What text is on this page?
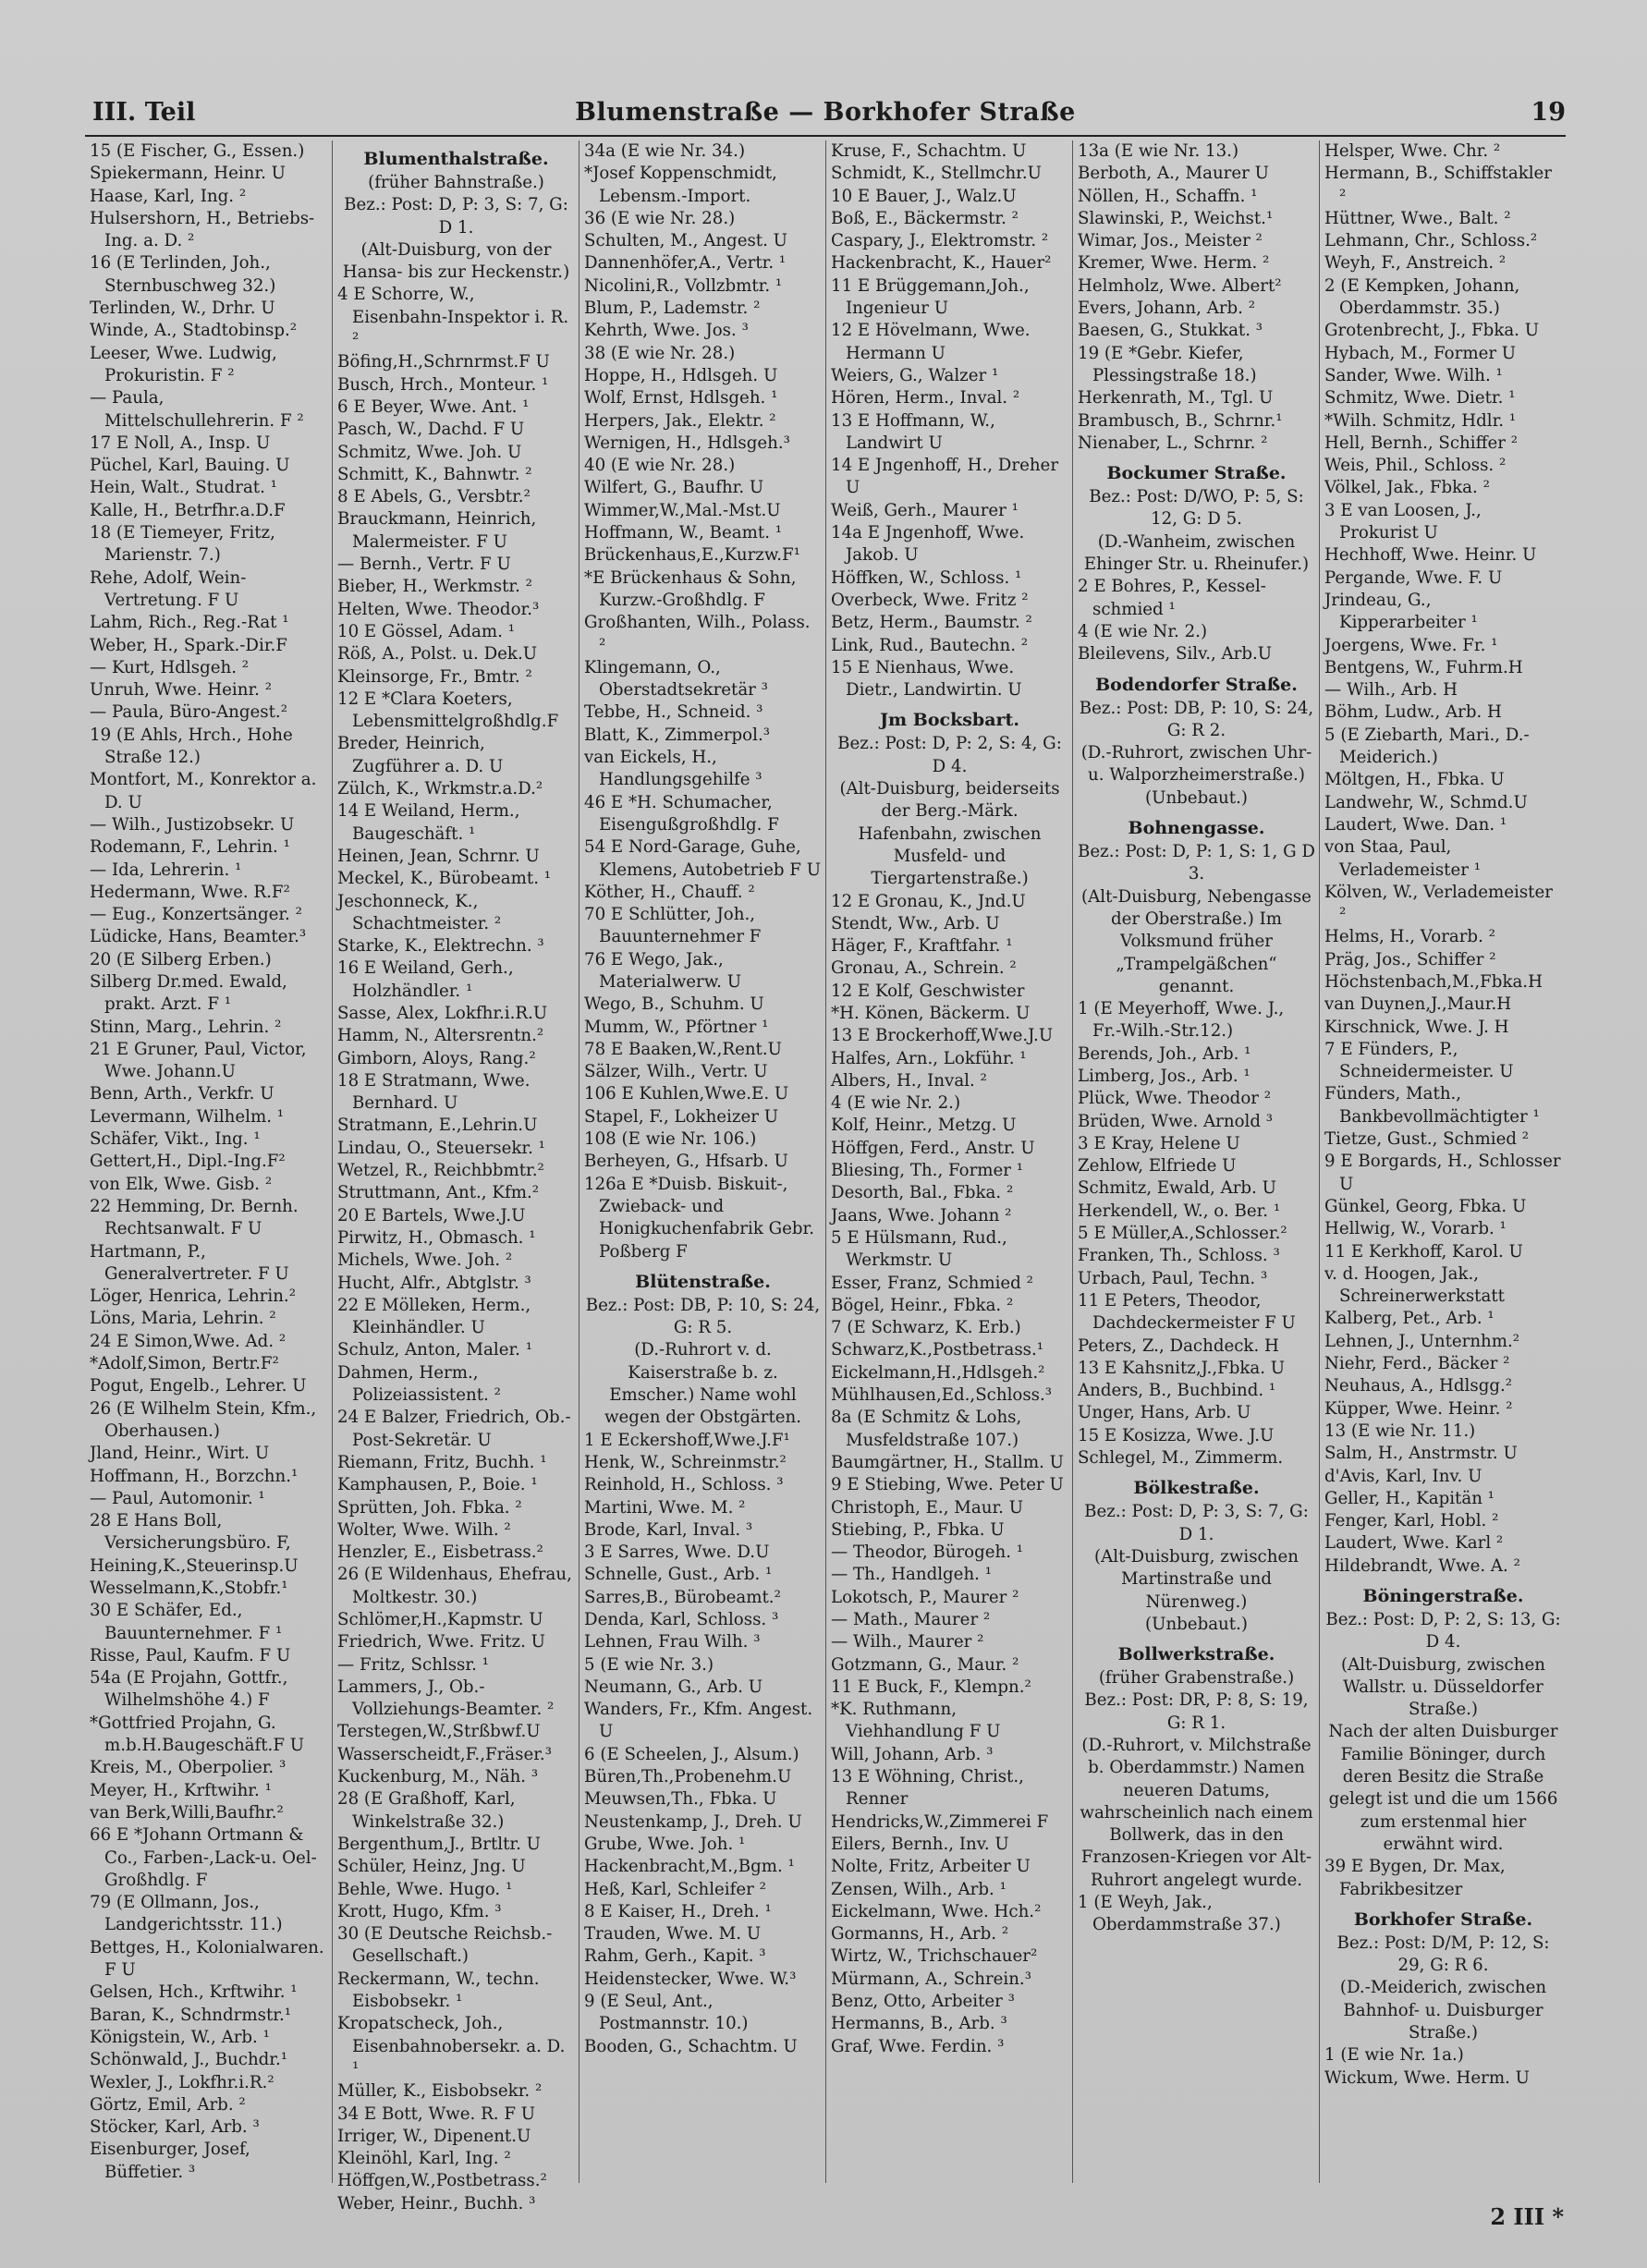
III. Teil	Blumenstraße — Borkhofer Straße	19
15 (E Fischer, G., Essen.)
Spiekermann, Heinr. U
Haase, Karl, Ing. ²
Hulsershorn, H., Betriebs-Ing. a. D. ²
16 (E Terlinden, Joh., Sternbuschweg 32.)
Terlinden, W., Drhr. U
Winde, A., Stadtobinsp.²
Leeser, Wwe. Ludwig, Prokuristin. F ²
— Paula, Mittelschullehrerin. F ²
17 E Noll, A., Insp. U
Püchel, Karl, Bauing. U
Hein, Walt., Studrat. ¹
Kalle, H., Betrfhr.a.D.F
18 (E Tiemeyer, Fritz, Marienstr. 7.)
Rehe, Adolf, Wein-Vertretung. F U
Lahm, Rich., Reg.-Rat ¹
Weber, H., Spark.-Dir.F
— Kurt, Hdlsgeh. ²
Unruh, Wwe. Heinr. ²
— Paula, Büro-Angest.²
19 (E Ahls, Hrch., Hohe Straße 12.)
Montfort, M., Konrektor a. D. U
— Wilh., Justizobsekr. U
Rodemann, F., Lehrin. ¹
— Ida, Lehrerin. ¹
Hedermann, Wwe. R.F²
— Eug., Konzertsänger. ²
Lüdicke, Hans, Beamter.³
20 (E Silberg Erben.)
Silberg Dr.med. Ewald, prakt. Arzt. F ¹
Stinn, Marg., Lehrin. ²
21 E Gruner, Paul, Victor, Wwe. Johann.U
Benn, Arth., Verkfr. U
Levermann, Wilhelm. ¹
Schäfer, Vikt., Ing. ¹
Gettert,H., Dipl.-Ing.F²
von Elk, Wwe. Gisb. ²
22 Hemming, Dr. Bernh. Rechtsanwalt. F U
Hartmann, P., Generalvertreter. F U
Löger, Henrica, Lehrin.²
Löns, Maria, Lehrin. ²
24 E Simon,Wwe. Ad. ²
*Adolf,Simon, Bertr.F²
Pogut, Engelb., Lehrer. U
26 (E Wilhelm Stein, Kfm., Oberhausen.)
Jland, Heinr., Wirt. U
Hoffmann, H., Borzchn.¹
— Paul, Automonir. ¹
28 E Hans Boll, Versicherungsbüro. F,
Heining,K.,Steuerinsp.U
Wesselmann,K.,Stobfr.¹
30 E Schäfer, Ed., Bauunternehmer. F ¹
Risse, Paul, Kaufm. F U
54a (E Projahn, Gottfr., Wilhelmshöhe 4.) F
*Gottfried Projahn, G. m.b.H.Baugeschäft.F U
Kreis, M., Oberpolier. ³
Meyer, H., Krftwihr. ¹
van Berk,Willi,Baufhr.²
66 E *Johann Ortmann & Co., Farben-,Lack-u. Oel-Großhdlg. F
79 (E Ollmann, Jos., Landgerichtsstr. 11.)
Bettges, H., Kolonialwaren. F U
Gelsen, Hch., Krftwihr. ¹
Baran, K., Schndrmstr.¹
Königstein, W., Arb. ¹
Schönwald, J., Buchdr.¹
Wexler, J., Lokfhr.i.R.²
Görtz, Emil, Arb. ²
Stöcker, Karl, Arb. ³
Eisenburger, Josef, Büffetier. ³
Blumenthalstraße.
(früher Bahnstraße.)
Bez.: Post: D, P: 3, S: 7, G: D 1.
(Alt-Duisburg, von der Hansa- bis zur Heckenstr.)
4 E Schorre, W., Eisenbahn-Inspektor i. R. ²
Böfing,H.,Schrnrmst.F U
Busch, Hrch., Monteur. ¹
6 E Beyer, Wwe. Ant. ¹
Pasch, W., Dachd. F U
Schmitz, Wwe. Joh. U
Schmitt, K., Bahnwtr. ²
8 E Abels, G., Versbtr.²
Brauckmann, Heinrich, Malermeister. F U
— Bernh., Vertr. F U
Bieber, H., Werkmstr. ²
Helten, Wwe. Theodor.³
10 E Gössel, Adam. ¹
Röß, A., Polst. u. Dek.U
Kleinsorge, Fr., Bmtr. ²
12 E *Clara Koeters, Lebensmittelgroßhdlg.F
Breder, Heinrich, Zugführer a. D. U
Zülch, K., Wrkmstr.a.D.²
14 E Weiland, Herm., Baugeschäft. ¹
Heinen, Jean, Schrnr. U
Meckel, K., Bürobeamt. ¹
Jeschonneck, K., Schachtmeister. ²
Starke, K., Elektrechn. ³
16 E Weiland, Gerh., Holzhändler. ¹
Sasse, Alex, Lokfhr.i.R.U
Hamm, N., Altersrentn.²
Gimborn, Aloys, Rang.²
18 E Stratmann, Wwe. Bernhard. U
Stratmann, E.,Lehrin.U
Lindau, O., Steuersekr. ¹
Wetzel, R., Reichbbmtr.²
Struttmann, Ant., Kfm.²
20 E Bartels, Wwe.J.U
Pirwitz, H., Obmasch. ¹
Michels, Wwe. Joh. ²
Hucht, Alfr., Abtglstr. ³
22 E Mölleken, Herm., Kleinhändler. U
Schulz, Anton, Maler. ¹
Dahmen, Herm., Polizeiassistent. ²
24 E Balzer, Friedrich, Ob.-Post-Sekretär. U
Riemann, Fritz, Buchh. ¹
Kamphausen, P., Boie. ¹
Sprütten, Joh. Fbka. ²
Wolter, Wwe. Wilh. ²
Henzler, E., Eisbetrass.²
26 (E Wildenhaus, Ehefrau, Moltkestr. 30.)
Schlömer,H.,Kapmstr. U
Friedrich, Wwe. Fritz. U
— Fritz, Schlssr. ¹
Lammers, J., Ob.-Vollziehungs-Beamter. ²
Terstegen,W.,Strßbwf.U
Wasserscheidt,F.,Fräser.³
Kuckenburg, M., Näh. ³
28 (E Graßhoff, Karl, Winkelstraße 32.)
Bergenthum,J., Brtltr. U
Schüler, Heinz, Jng. U
Behle, Wwe. Hugo. ¹
Krott, Hugo, Kfm. ³
30 (E Deutsche Reichsb.-Gesellschaft.)
Reckermann, W., techn. Eisbobsekr. ¹
Kropatscheck, Joh., Eisenbahnobersekr. a. D. ¹
Müller, K., Eisbobsekr. ²
34 E Bott, Wwe. R. F U
Irriger, W., Dipenent.U
Kleinöhl, Karl, Ing. ²
Höffgen,W.,Postbetrass.²
Weber, Heinr., Buchh. ³
34a (E wie Nr. 34.)
*Josef Koppenschmidt, Lebensm.-Import.
36 (E wie Nr. 28.)
Schulten, M., Angest. U
Dannenhöfer,A., Vertr. ¹
Nicolini,R., Vollzbmtr. ¹
Blum, P., Lademstr. ²
Kehrth, Wwe. Jos. ³
38 (E wie Nr. 28.)
Hoppe, H., Hdlsgeh. U
Wolf, Ernst, Hdlsgeh. ¹
Herpers, Jak., Elektr. ²
Wernigen, H., Hdlsgeh.³
40 (E wie Nr. 28.)
Wilfert, G., Baufhr. U
Wimmer,W.,Mal.-Mst.U
Hoffmann, W., Beamt. ¹
Brückenhaus,E.,Kurzw.F¹
*E Brückenhaus & Sohn, Kurzw.-Großhdlg. F
Großhanten, Wilh., Polass. ²
Klingemann, O., Oberstadtsekretär ³
Tebbe, H., Schneid. ³
Blatt, K., Zimmerpol.³
van Eickels, H., Handlungsgehilfe ³
46 E *H. Schumacher, Eisengußgroßhdlg. F
54 E Nord-Garage, Guhe, Klemens, Autobetrieb F U
Köther, H., Chauff. ²
70 E Schlütter, Joh., Bauunternehmer F
76 E Wego, Jak., Materialwerw. U
Wego, B., Schuhm. U
Mumm, W., Pförtner ¹
78 E Baaken,W.,Rent.U
Sälzer, Wilh., Vertr. U
106 E Kuhlen,Wwe.E. U
Stapel, F., Lokheizer U
108 (E wie Nr. 106.)
Berheyen, G., Hfsarb. U
126a E *Duisb. Biskuit-, Zwieback- und Honigkuchenfabrik Gebr. Poßberg F
Blütenstraße.
Bez.: Post: DB, P: 10, S: 24, G: R 5.
(D.-Ruhrort v. d. Kaiserstraße b. z. Emscher.) Name wohl wegen der Obstgärten.
1 E Eckershoff,Wwe.J.F¹
Henk, W., Schreinmstr.²
Reinhold, H., Schloss. ³
Martini, Wwe. M. ²
Brode, Karl, Inval. ³
3 E Sarres, Wwe. D.U
Schnelle, Gust., Arb. ¹
Sarres,B., Bürobeamt.²
Denda, Karl, Schloss. ³
Lehnen, Frau Wilh. ³
5 (E wie Nr. 3.)
Neumann, G., Arb. U
Wanders, Fr., Kfm. Angest. U
6 (E Scheelen, J., Alsum.)
Büren,Th.,Probenehm.U
Meuwsen,Th., Fbka. U
Neustenkamp, J., Dreh. U
Grube, Wwe. Joh. ¹
Hackenbracht,M.,Bgm. ¹
Heß, Karl, Schleifer ²
8 E Kaiser, H., Dreh. ¹
Trauden, Wwe. M. U
Rahm, Gerh., Kapit. ³
Heidenstecker, Wwe. W.³
9 (E Seul, Ant., Postmannstr. 10.)
Booden, G., Schachtm. U
Kruse, F., Schachtm. U
Schmidt, K., Stellmchr.U
10 E Bauer, J., Walz.U
Boß, E., Bäckermstr. ²
Caspary, J., Elektromstr. ²
Hackenbracht, K., Hauer²
11 E Brüggemann,Joh., Ingenieur U
12 E Hövelmann, Wwe. Hermann U
Weiers, G., Walzer ¹
Hören, Herm., Inval. ²
13 E Hoffmann, W., Landwirt U
14 E Jngenhoff, H., Dreher U
Weiß, Gerh., Maurer ¹
14a E Jngenhoff, Wwe. Jakob. U
Höffken, W., Schloss. ¹
Overbeck, Wwe. Fritz ²
Betz, Herm., Baumstr. ²
Link, Rud., Bautechn. ²
15 E Nienhaus, Wwe. Dietr., Landwirtin. U
Jm Bocksbart.
Bez.: Post: D, P: 2, S: 4, G: D 4.
(Alt-Duisburg, beiderseits der Berg.-Märk. Hafenbahn, zwischen Musfeld- und Tiergartenstraße.)
12 E Gronau, K., Jnd.U
Stendt, Ww., Arb. U
Häger, F., Kraftfahr. ¹
Gronau, A., Schrein. ²
12 E Kolf, Geschwister
*H. Könen, Bäckerm. U
13 E Brockerhoff,Wwe.J.U
Halfes, Arn., Lokführ. ¹
Albers, H., Inval. ²
4 (E wie Nr. 2.)
Kolf, Heinr., Metzg. U
Höffgen, Ferd., Anstr. U
Bliesing, Th., Former ¹
Desorth, Bal., Fbka. ²
Jaans, Wwe. Johann ²
5 E Hülsmann, Rud., Werkmstr. U
Esser, Franz, Schmied ²
Bögel, Heinr., Fbka. ²
7 (E Schwarz, K. Erb.)
Schwarz,K.,Postbetrass.¹
Eickelmann,H.,Hdlsgeh.²
Mühlhausen,Ed.,Schloss.³
8a (E Schmitz & Lohs, Musfeldstraße 107.)
Baumgärtner, H., Stallm. U
9 E Stiebing, Wwe. Peter U
Christoph, E., Maur. U
Stiebing, P., Fbka. U
— Theodor, Bürogeh. ¹
— Th., Handlgeh. ¹
Lokotsch, P., Maurer ²
— Math., Maurer ²
— Wilh., Maurer ²
Gotzmann, G., Maur. ²
11 E Buck, F., Klempn.²
*K. Ruthmann, Viehhandlung F U
Will, Johann, Arb. ³
13 E Wöhning, Christ., Renner
Hendricks,W.,Zimmerei F
Eilers, Bernh., Inv. U
Nolte, Fritz, Arbeiter U
Zensen, Wilh., Arb. ¹
Eickelmann, Wwe. Hch.²
Gormanns, H., Arb. ²
Wirtz, W., Trichschauer²
Mürmann, A., Schrein.³
Benz, Otto, Arbeiter ³
Hermanns, B., Arb. ³
Graf, Wwe. Ferdin. ³
13a (E wie Nr. 13.)
Berboth, A., Maurer U
Nöllen, H., Schaffn. ¹
Slawinski, P., Weichst.¹
Wimar, Jos., Meister ²
Kremer, Wwe. Herm. ²
Helmholz, Wwe. Albert²
Evers, Johann, Arb. ²
Baesen, G., Stukkat. ³
19 (E *Gebr. Kiefer, Plessingstraße 18.)
Herkenrath, M., Tgl. U
Brambusch, B., Schrnr.¹
Nienaber, L., Schrnr. ²
Bockumer Straße.
Bez.: Post: D/WO, P: 5, S: 12, G: D 5.
(D.-Wanheim, zwischen Ehinger Str. u. Rheinufer.)
2 E Bohres, P., Kessel-schmied ¹
4 (E wie Nr. 2.)
Bleilevens, Silv., Arb.U
Bodendorfer Straße.
Bez.: Post: DB, P: 10, S: 24, G: R 2.
(D.-Ruhrort, zwischen Uhr- u. Walporzheimerstraße.)
(Unbebaut.)
Bohnengasse.
Bez.: Post: D, P: 1, S: 1, G D 3.
(Alt-Duisburg, Nebengasse der Oberstraße.) Im Volksmund früher „Trampelgäßchen“ genannt.
1 (E Meyerhoff, Wwe. J., Fr.-Wilh.-Str.12.)
Berends, Joh., Arb. ¹
Limberg, Jos., Arb. ¹
Plück, Wwe. Theodor ²
Brüden, Wwe. Arnold ³
3 E Kray, Helene U
Zehlow, Elfriede U
Schmitz, Ewald, Arb. U
Herkendell, W., o. Ber. ¹
5 E Müller,A.,Schlosser.²
Franken, Th., Schloss. ³
Urbach, Paul, Techn. ³
11 E Peters, Theodor, Dachdeckermeister F U
Peters, Z., Dachdeck. H
13 E Kahsnitz,J.,Fbka. U
Anders, B., Buchbind. ¹
Unger, Hans, Arb. U
15 E Kosizza, Wwe. J.U
Schlegel, M., Zimmerm.
Bölkestraße.
Bez.: Post: D, P: 3, S: 7, G: D 1.
(Alt-Duisburg, zwischen Martinstraße und Nürenweg.)
(Unbebaut.)
Bollwerkstraße.
(früher Grabenstraße.)
Bez.: Post: DR, P: 8, S: 19, G: R 1.
(D.-Ruhrort, v. Milchstraße b. Oberdammstr.) Namen neueren Datums, wahrscheinlich nach einem Bollwerk, das in den Franzosen-Kriegen vor Alt-Ruhrort angelegt wurde.
1 (E Weyh, Jak., Oberdammstraße 37.)
Helsper, Wwe. Chr. ²
Hermann, B., Schiffstakler ²
Hüttner, Wwe., Balt. ²
Lehmann, Chr., Schloss.²
Weyh, F., Anstreich. ²
2 (E Kempken, Johann, Oberdammstr. 35.)
Grotenbrecht, J., Fbka. U
Hybach, M., Former U
Sander, Wwe. Wilh. ¹
Schmitz, Wwe. Dietr. ¹
*Wilh. Schmitz, Hdlr. ¹
Hell, Bernh., Schiffer ²
Weis, Phil., Schloss. ²
Völkel, Jak., Fbka. ²
3 E van Loosen, J., Prokurist U
Hechhoff, Wwe. Heinr. U
Pergande, Wwe. F. U
Jrindeau, G., Kipperarbeiter ¹
Joergens, Wwe. Fr. ¹
Bentgens, W., Fuhrm.H
— Wilh., Arb. H
Böhm, Ludw., Arb. H
5 (E Ziebarth, Mari., D.-Meiderich.)
Möltgen, H., Fbka. U
Landwehr, W., Schmd.U
Laudert, Wwe. Dan. ¹
von Staa, Paul, Verlademeister ¹
Kölven, W., Verlademeister ²
Helms, H., Vorarb. ²
Präg, Jos., Schiffer ²
Höchstenbach,M.,Fbka.H
van Duynen,J.,Maur.H
Kirschnick, Wwe. J. H
7 E Fünders, P., Schneidermeister. U
Fünders, Math., Bankbevollmächtigter ¹
Tietze, Gust., Schmied ²
9 E Borgards, H., Schlosser U
Günkel, Georg, Fbka. U
Hellwig, W., Vorarb. ¹
11 E Kerkhoff, Karol. U
v. d. Hoogen, Jak., Schreinerwerkstatt
Kalberg, Pet., Arb. ¹
Lehnen, J., Unternhm.²
Niehr, Ferd., Bäcker ²
Neuhaus, A., Hdlsgg.²
Küpper, Wwe. Heinr. ²
13 (E wie Nr. 11.)
Salm, H., Anstrmstr. U
d'Avis, Karl, Inv. U
Geller, H., Kapitän ¹
Fenger, Karl, Hobl. ²
Laudert, Wwe. Karl ²
Hildebrandt, Wwe. A. ²
Böningerstraße.
Bez.: Post: D, P: 2, S: 13, G: D 4.
(Alt-Duisburg, zwischen Wallstr. u. Düsseldorfer Straße.)
Nach der alten Duisburger Familie Böninger, durch deren Besitz die Straße gelegt ist und die um 1566 zum erstenmal hier erwähnt wird.
39 E Bygen, Dr. Max, Fabrikbesitzer
Borkhofer Straße.
Bez.: Post: D/M, P: 12, S: 29, G: R 6.
(D.-Meiderich, zwischen Bahnhof- u. Duisburger Straße.)
1 (E wie Nr. 1a.)
Wickum, Wwe. Herm. U
2 III *
